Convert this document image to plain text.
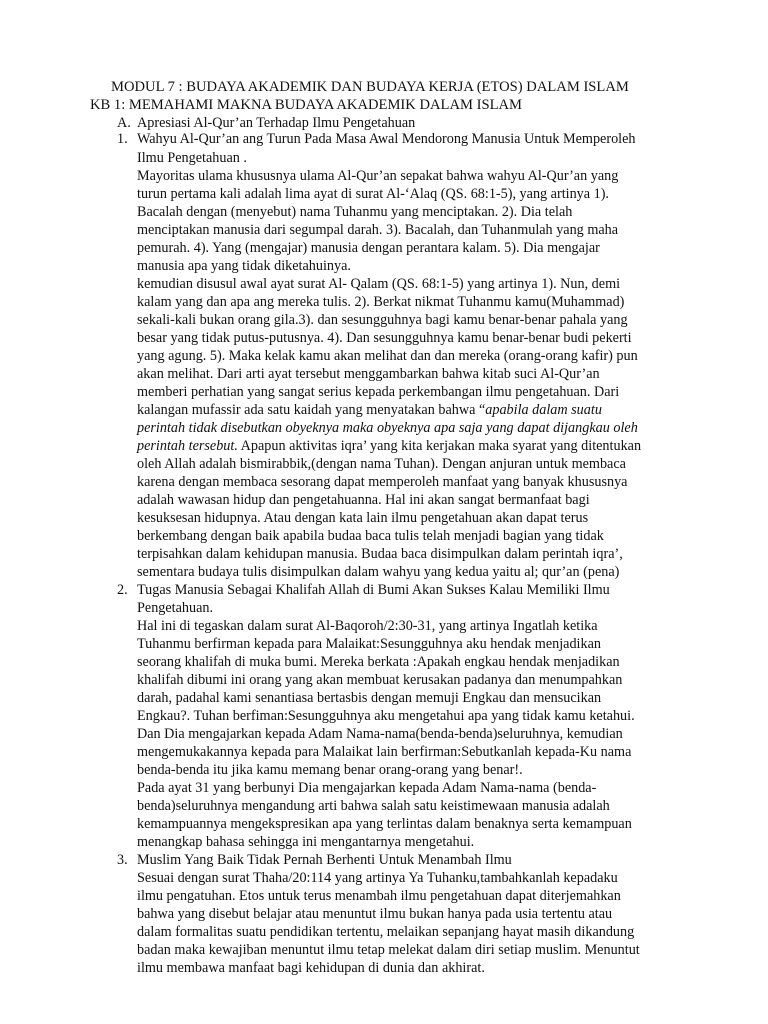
MODUL 7 : BUDAYA AKADEMIK DAN BUDAYA KERJA (ETOS) DALAM ISLAM
KB 1: MEMAHAMI MAKNA BUDAYA AKADEMIK DALAM ISLAM
A. Apresiasi Al-Qur’an Terhadap Ilmu Pengetahuan
1. Wahyu Al-Qur’an ang Turun Pada Masa Awal Mendorong Manusia Untuk Memperoleh
Ilmu Pengetahuan .
Mayoritas ulama khususnya ulama Al-Qur’an sepakat bahwa wahyu Al-Qur’an yang
turun pertama kali adalah lima ayat di surat Al-‘Alaq (QS. 68:1-5), yang artinya 1).
Bacalah dengan (menyebut) nama Tuhanmu yang menciptakan. 2). Dia telah
menciptakan manusia dari segumpal darah. 3). Bacalah, dan Tuhanmulah yang maha
pemurah. 4). Yang (mengajar) manusia dengan perantara kalam. 5). Dia mengajar
manusia apa yang tidak diketahuinya.
kemudian disusul awal ayat surat Al- Qalam (QS. 68:1-5) yang artinya 1). Nun, demi
kalam yang dan apa ang mereka tulis. 2). Berkat nikmat Tuhanmu kamu(Muhammad)
sekali-kali bukan orang gila.3). dan sesungguhnya bagi kamu benar-benar pahala yang
besar yang tidak putus-putusnya. 4). Dan sesungguhnya kamu benar-benar budi pekerti
yang agung. 5). Maka kelak kamu akan melihat dan dan mereka (orang-orang kafir) pun
akan melihat. Dari arti ayat tersebut menggambarkan bahwa kitab suci Al-Qur’an
memberi perhatian yang sangat serius kepada perkembangan ilmu pengetahuan. Dari
kalangan mufassir ada satu kaidah yang menyatakan bahwa “apabila dalam suatu
perintah tidak disebutkan obyeknya maka obyeknya apa saja yang dapat dijangkau oleh
perintah tersebut. Apapun aktivitas iqra’ yang kita kerjakan maka syarat yang ditentukan
oleh Allah adalah bismirabbik,(dengan nama Tuhan). Dengan anjuran untuk membaca
karena dengan membaca sesorang dapat memperoleh manfaat yang banyak khususnya
adalah wawasan hidup dan pengetahuanna. Hal ini akan sangat bermanfaat bagi
kesuksesan hidupnya. Atau dengan kata lain ilmu pengetahuan akan dapat terus
berkembang dengan baik apabila budaa baca tulis telah menjadi bagian yang tidak
terpisahkan dalam kehidupan manusia. Budaa baca disimpulkan dalam perintah iqra’,
sementara budaya tulis disimpulkan dalam wahyu yang kedua yaitu al; qur’an (pena)
2. Tugas Manusia Sebagai Khalifah Allah di Bumi Akan Sukses Kalau Memiliki Ilmu
Pengetahuan.
Hal ini di tegaskan dalam surat Al-Baqoroh/2:30-31, yang artinya Ingatlah ketika
Tuhanmu berfirman kepada para Malaikat:Sesungguhnya aku hendak menjadikan
seorang khalifah di muka bumi. Mereka berkata :Apakah engkau hendak menjadikan
khalifah dibumi ini orang yang akan membuat kerusakan padanya dan menumpahkan
darah, padahal kami senantiasa bertasbis dengan memuji Engkau dan mensucikan
Engkau?. Tuhan berfiman:Sesungguhnya aku mengetahui apa yang tidak kamu ketahui.
Dan Dia mengajarkan kepada Adam Nama-nama(benda-benda)seluruhnya, kemudian
mengemukakannya kepada para Malaikat lain berfirman:Sebutkanlah kepada-Ku nama
benda-benda itu jika kamu memang benar orang-orang yang benar!.
Pada ayat 31 yang berbunyi Dia mengajarkan kepada Adam Nama-nama (benda-
benda)seluruhnya mengandung arti bahwa salah satu keistimewaan manusia adalah
kemampuannya mengekspresikan apa yang terlintas dalam benaknya serta kemampuan
menangkap bahasa sehingga ini mengantarnya mengetahui.
3. Muslim Yang Baik Tidak Pernah Berhenti Untuk Menambah Ilmu
Sesuai dengan surat Thaha/20:114 yang artinya Ya Tuhanku,tambahkanlah kepadaku
ilmu pengatuhan. Etos untuk terus menambah ilmu pengetahuan dapat diterjemahkan
bahwa yang disebut belajar atau menuntut ilmu bukan hanya pada usia tertentu atau
dalam formalitas suatu pendidikan tertentu, melaikan sepanjang hayat masih dikandung
badan maka kewajiban menuntut ilmu tetap melekat dalam diri setiap muslim. Menuntut
ilmu membawa manfaat bagi kehidupan di dunia dan akhirat.
